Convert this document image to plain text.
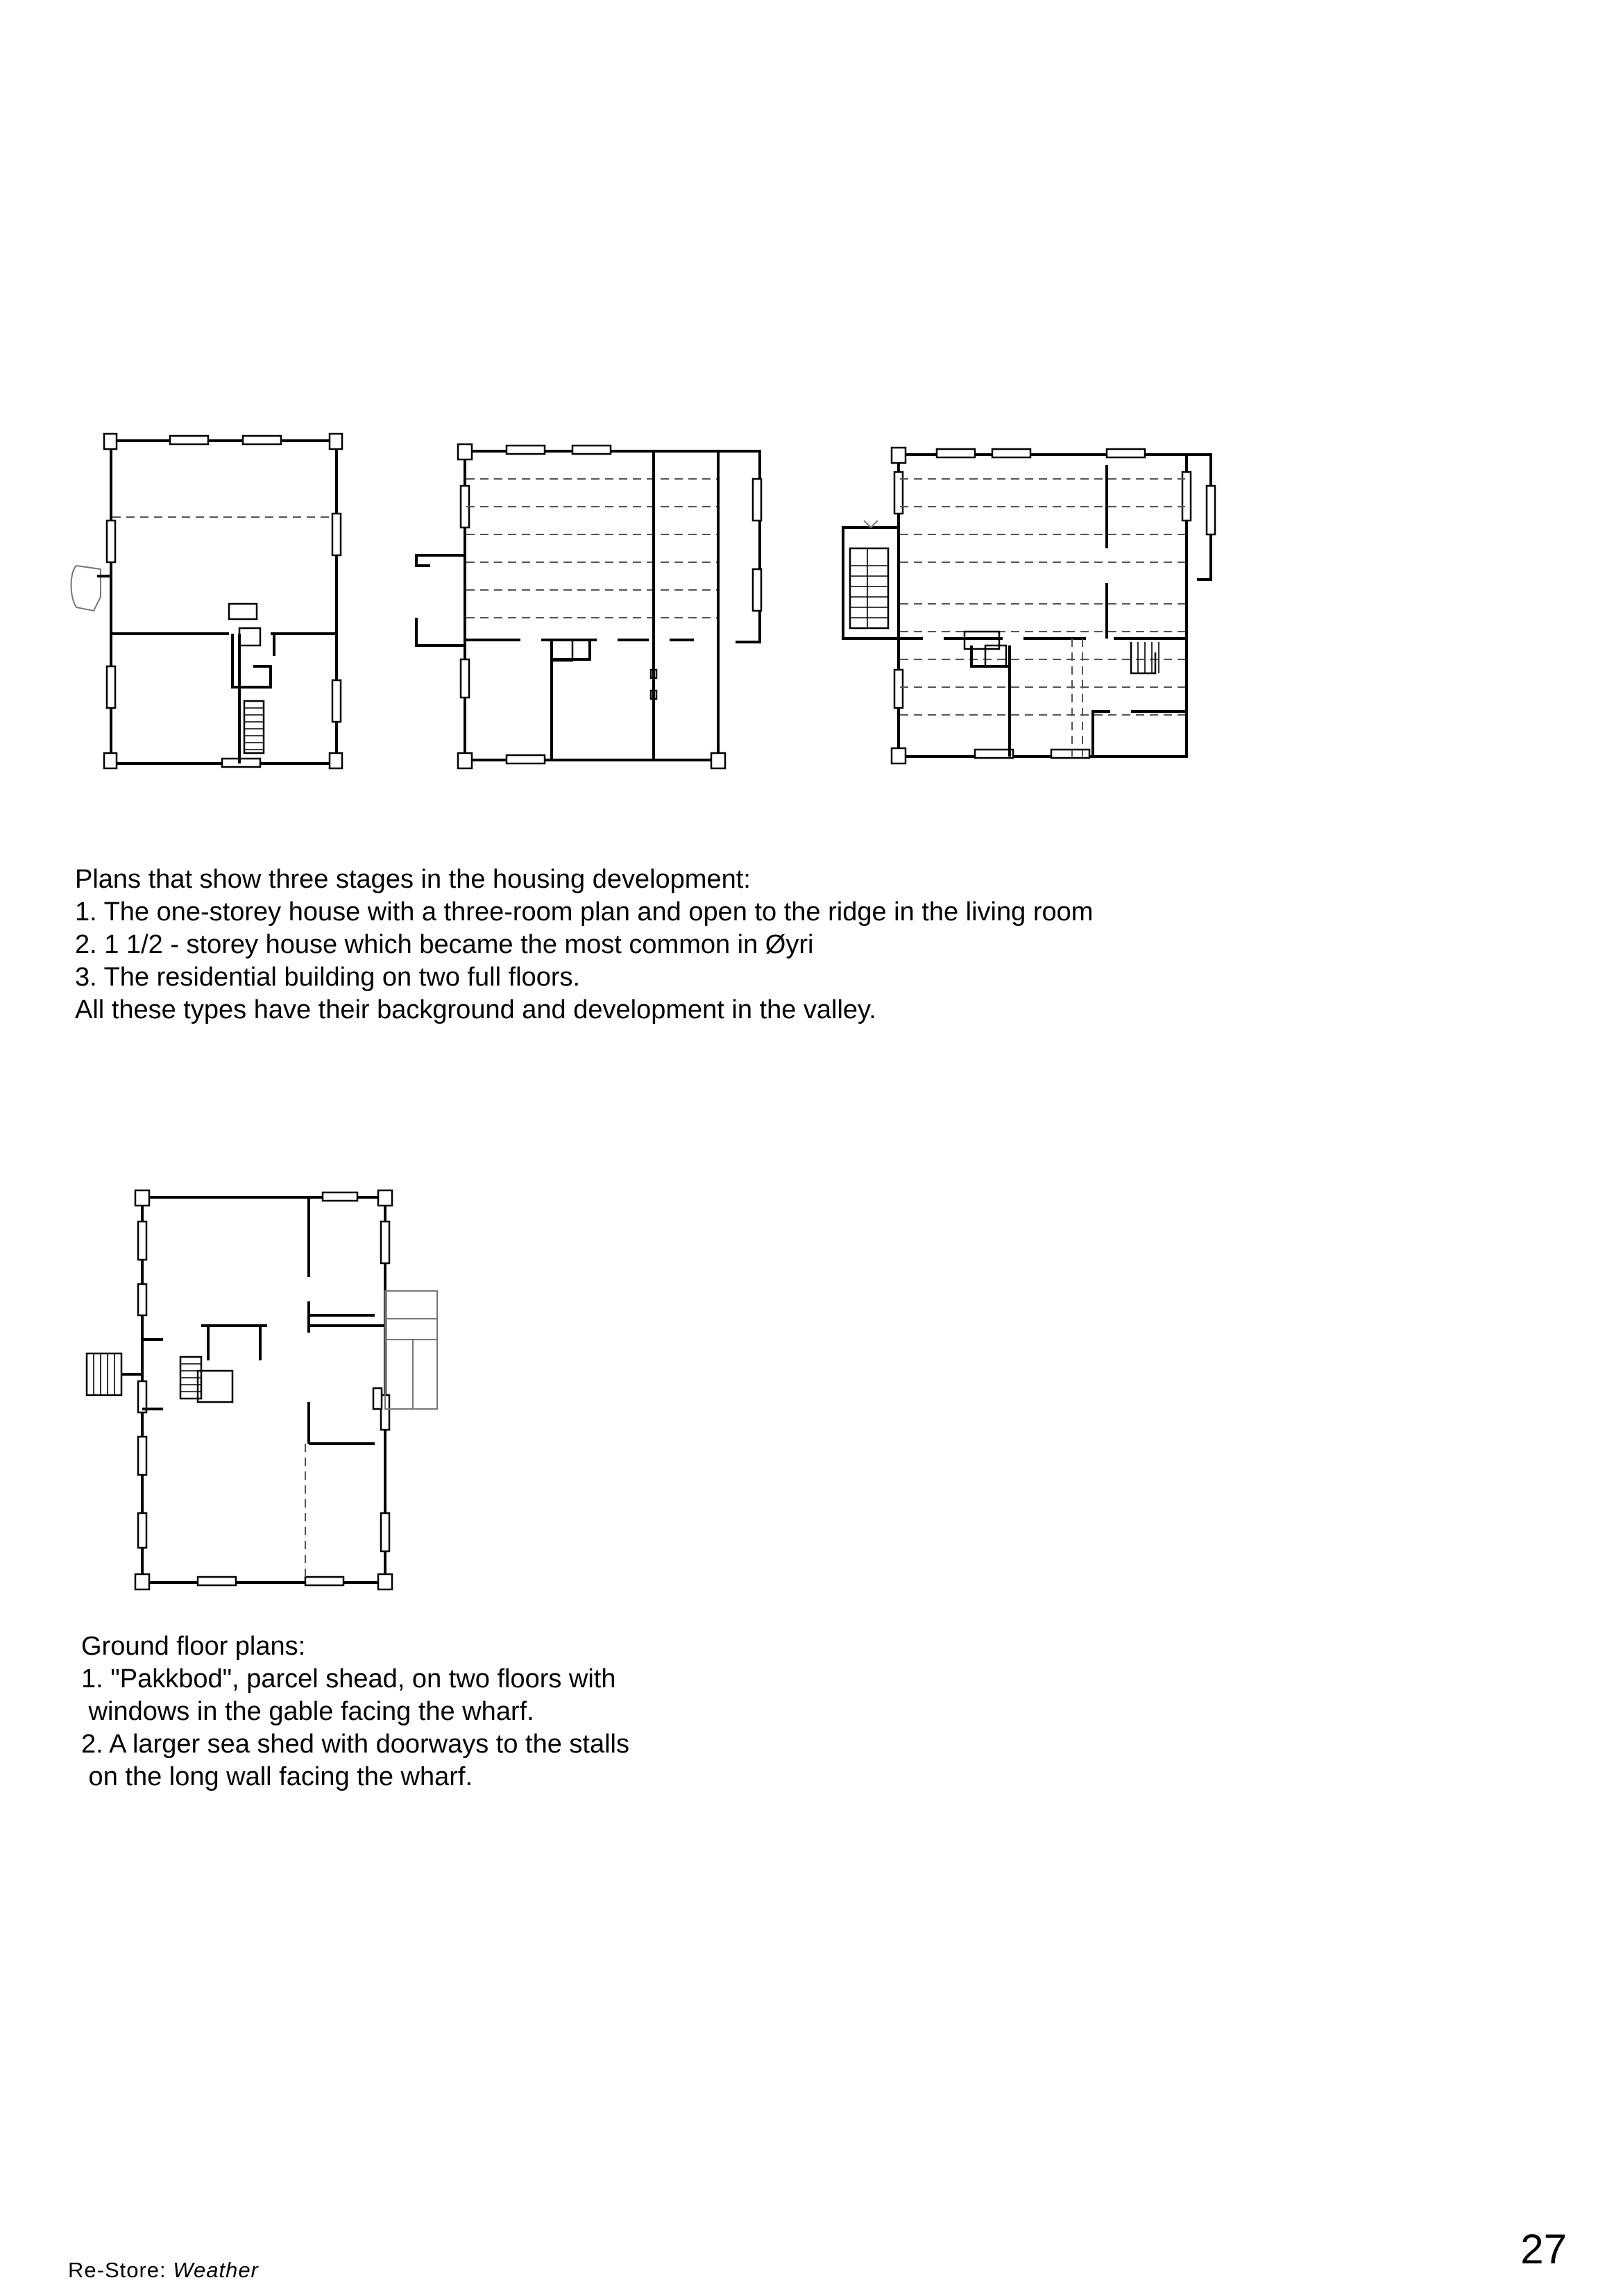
Plans that show three stages in the housing development:

1. The one-storey house with a three-room plan and open to the ridge in the living room

2. 1 1/2 - storey house which became the most common in Øyri

3. The residential building on two full floors.

All these types have their background and development in the valley.

Ground floor plans:

1. "Pakkbod", parcel shead, on two floors with

windows in the gable facing the wharf.

2. A larger sea shed with doorways to the stalls

on the long wall facing the wharf.

Re-Store: Weather	27
